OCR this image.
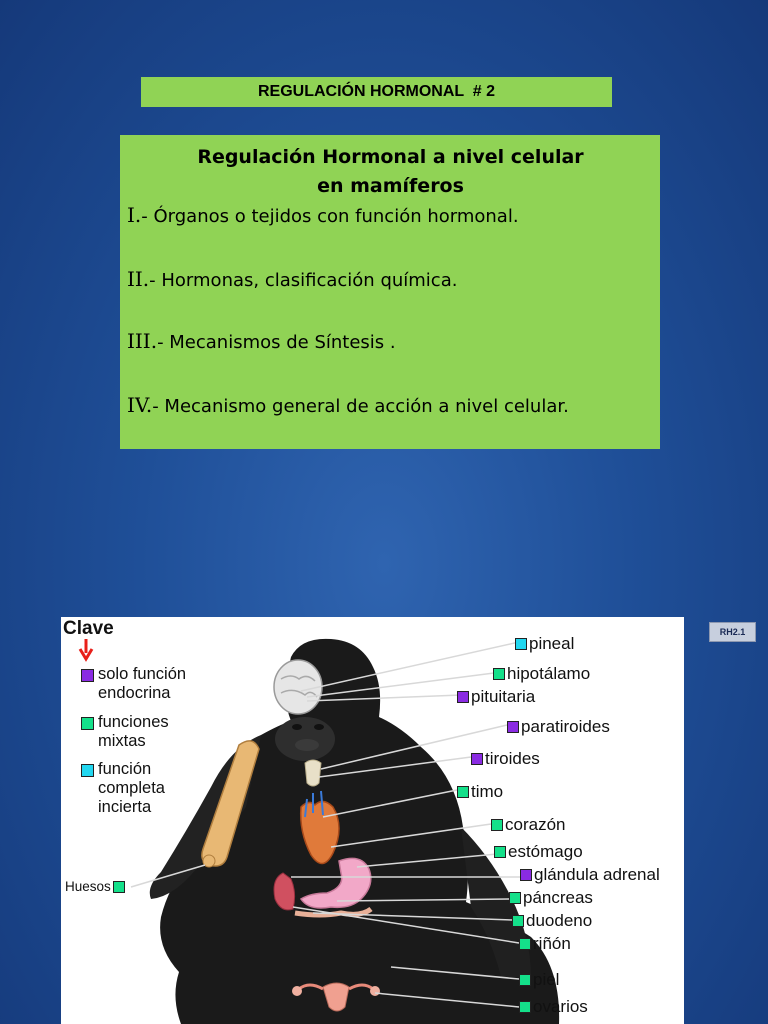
REGULACIÓN HORMONAL  # 2
Regulación Hormonal a nivel celular
en mamíferos
I.- Órganos o tejidos con función hormonal.
II.- Hormonas, clasificación química.
III.- Mecanismos de Síntesis .
IV.- Mecanismo general de acción a nivel celular.
RH2.1
Clave
solo función
endocrina
funciones
mixtas
función
completa
incierta
Huesos
pineal
hipotálamo
pituitaria
paratiroides
tiroides
timo
corazón
estómago
glándula adrenal
páncreas
duodeno
riñón
piel
ovarios
